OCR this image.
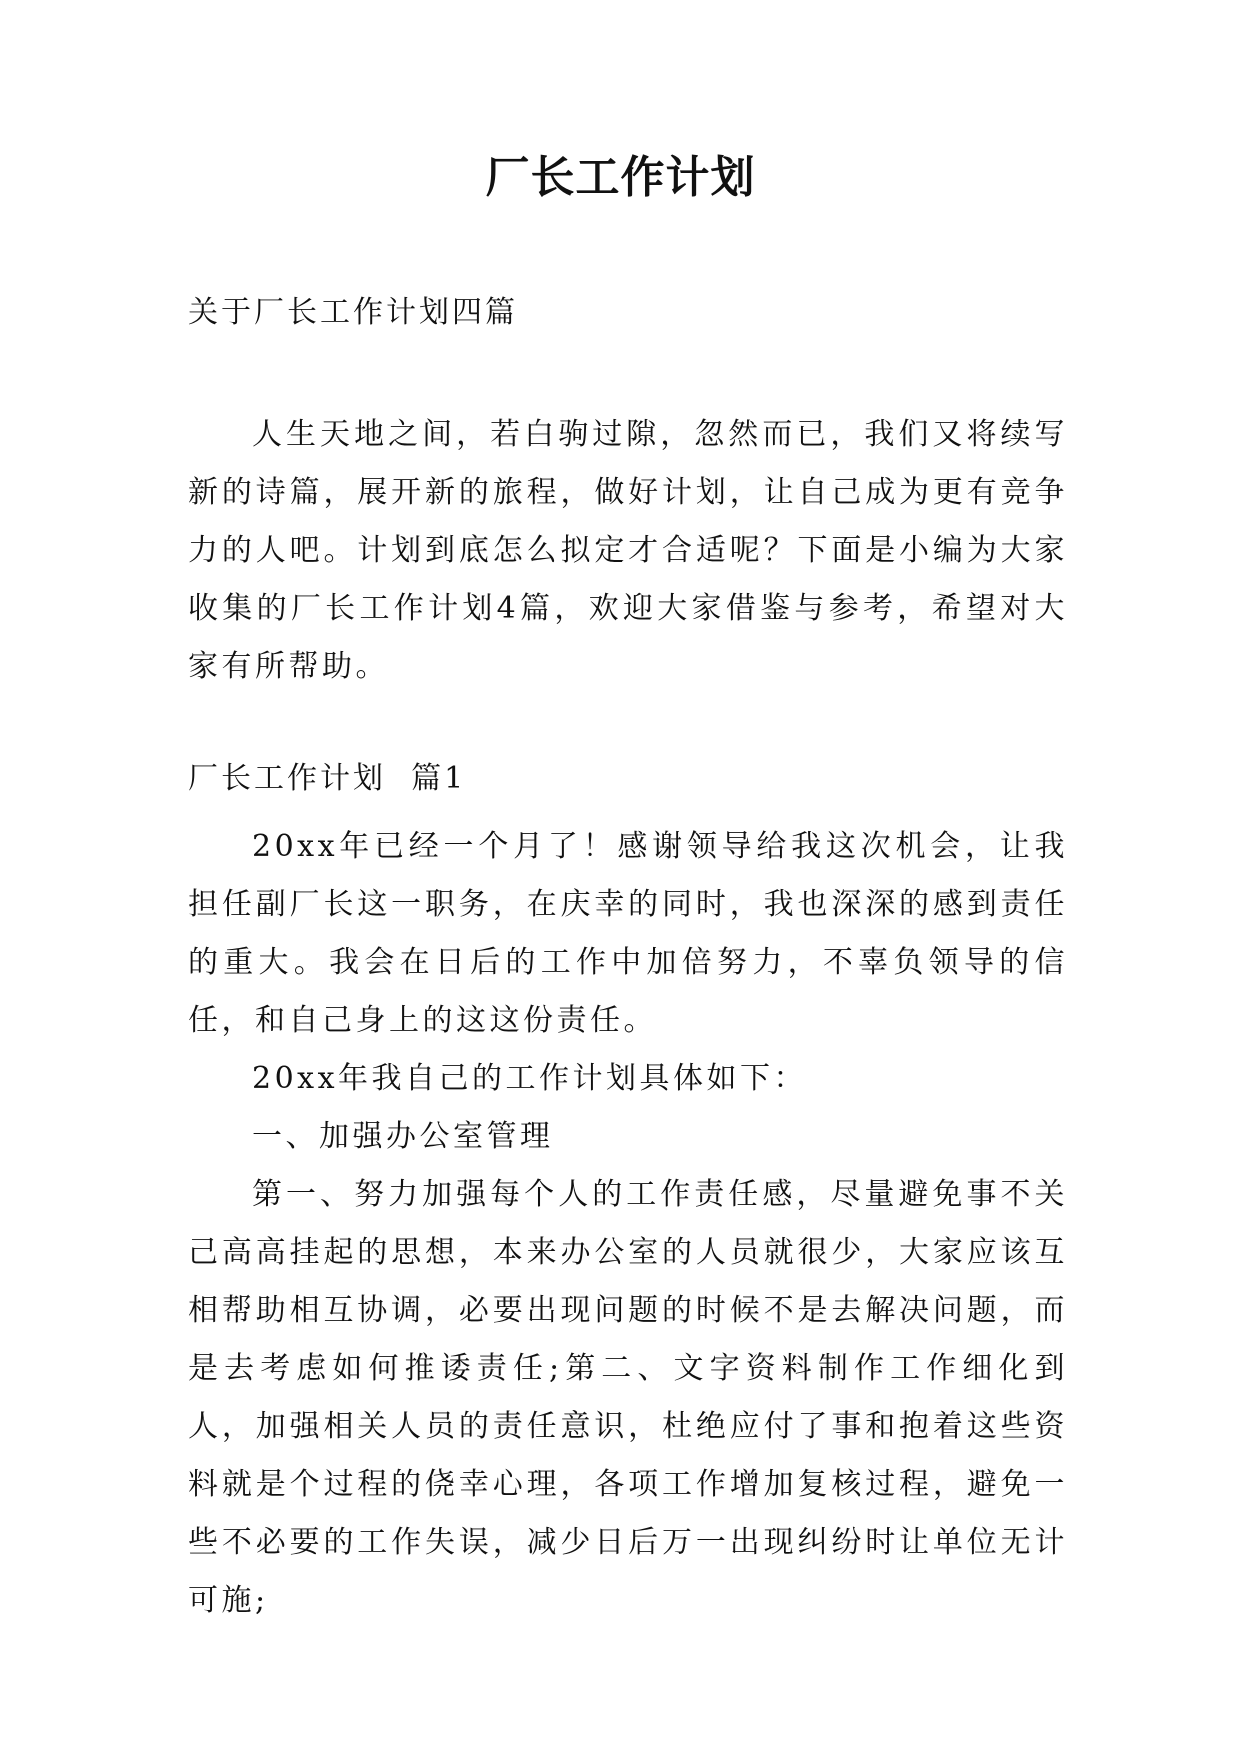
厂长工作计划
关于厂长工作计划四篇

人生天地之间，若白驹过隙，忽然而已，我们又将续写新的诗篇，展开新的旅程，做好计划，让自己成为更有竞争力的人吧。计划到底怎么拟定才合适呢？下面是小编为大家收集的厂长工作计划4篇，欢迎大家借鉴与参考，希望对大家有所帮助。

厂长工作计划  篇1

20xx年已经一个月了！感谢领导给我这次机会，让我担任副厂长这一职务，在庆幸的同时，我也深深的感到责任的重大。我会在日后的工作中加倍努力，不辜负领导的信任，和自己身上的这这份责任。

20xx年我自己的工作计划具体如下：

一、加强办公室管理

第一、努力加强每个人的工作责任感，尽量避免事不关己高高挂起的思想，本来办公室的人员就很少，大家应该互相帮助相互协调，必要出现问题的时候不是去解决问题，而是去考虑如何推诿责任;第二、文字资料制作工作细化到人，加强相关人员的责任意识，杜绝应付了事和抱着这些资料就是个过程的侥幸心理，各项工作增加复核过程，避免一些不必要的工作失误，减少日后万一出现纠纷时让单位无计可施;
